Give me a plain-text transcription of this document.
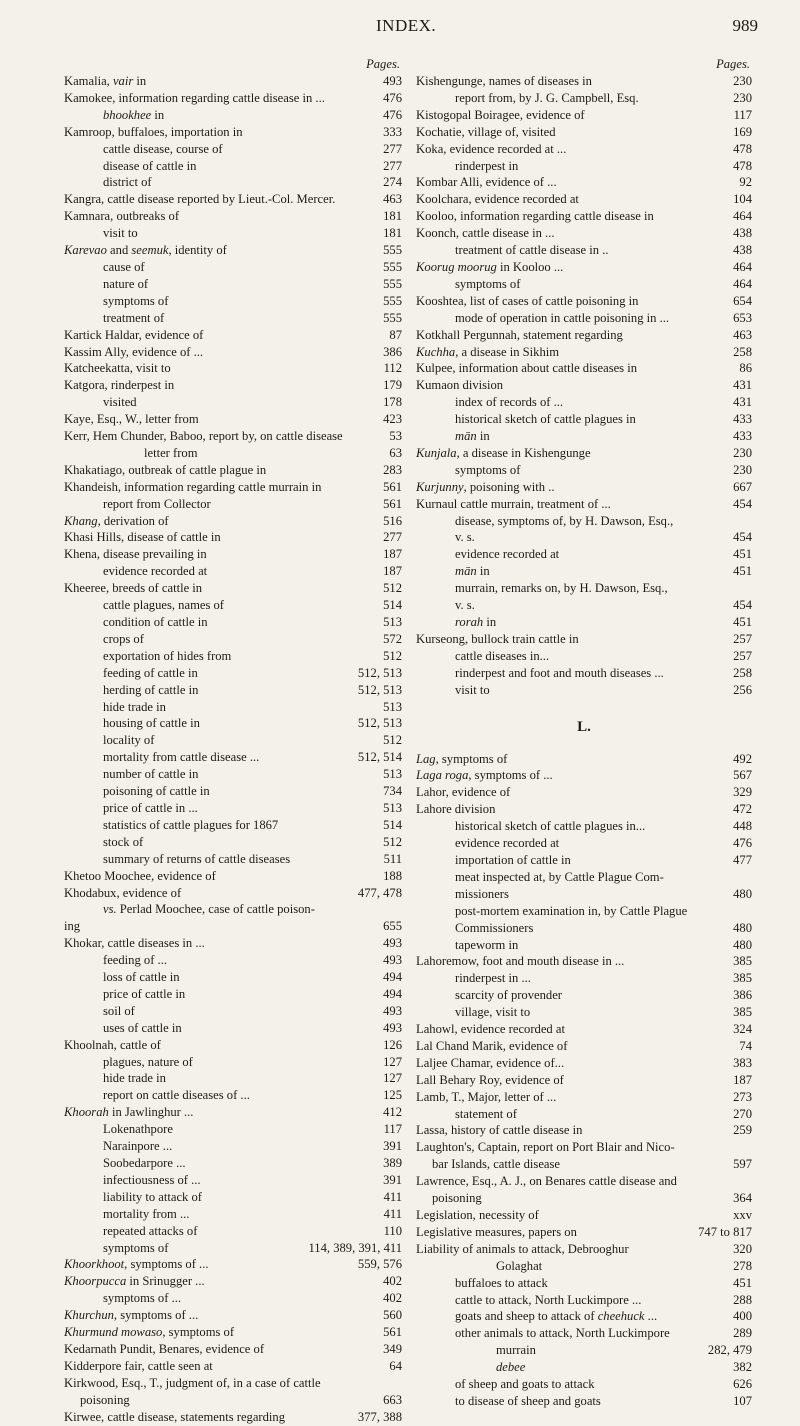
INDEX.	989
Pages.
Kamalia, vair in	493
Kamokee, information regarding cattle disease in ...	476
bhookhee in	476
Kamroop, buffaloes, importation in	333
cattle disease, course of	277
disease of cattle in	277
district of	274
Kangra, cattle disease reported by Lieut.-Col. Mercer.	463
Kamnara, outbreaks of	181
visit to	181
Karevao and seemuk, identity of	555
cause of	555
nature of	555
symptoms of	555
treatment of	555
Kartick Haldar, evidence of	87
Kassim Ally, evidence of ...	386
Katcheekatta, visit to	112
Katgora, rinderpest in	179
visited	178
Kaye, Esq., W., letter from	423
Kerr, Hem Chunder, Baboo, report by, on cattle disease	53
letter from	63
Khakatiago, outbreak of cattle plague in	283
Khandeish, information regarding cattle murrain in	561
report from Collector	561
Khang, derivation of	516
Khasi Hills, disease of cattle in	277
Khena, disease prevailing in	187
evidence recorded at	187
Kheeree, breeds of cattle in	512
cattle plagues, names of	514
condition of cattle in	513
crops of	572
exportation of hides from	512
feeding of cattle in	512, 513
herding of cattle in	512, 513
hide trade in	513
housing of cattle in	512, 513
locality of	512
mortality from cattle disease ...	512, 514
number of cattle in	513
poisoning of cattle in	734
price of cattle in ...	513
statistics of cattle plagues for 1867	514
stock of	512
summary of returns of cattle diseases	511
Khetoo Moochee, evidence of	188
Khodabux, evidence of	477, 478
vs. Perlad Moochee, case of cattle poison-
ing	655
Khokar, cattle diseases in ...	493
feeding of ...	493
loss of cattle in	494
price of cattle in	494
soil of	493
uses of cattle in	493
Khoolnah, cattle of	126
plagues, nature of	127
hide trade in	127
report on cattle diseases of ...	125
Khoorah in Jawlinghur ...	412
Lokenathpore	117
Narainpore ...	391
Soobedarpore ...	389
infectiousness of ...	391
liability to attack of	411
mortality from ...	411
repeated attacks of	110
symptoms of	114, 389, 391, 411
Khoorkhoot, symptoms of ...	559, 576
Khoorpucca in Srinugger ...	402
symptoms of ...	402
Khurchun, symptoms of ...	560
Khurmund mowaso, symptoms of	561
Kedarnath Pundit, Benares, evidence of	349
Kidderpore fair, cattle seen at	64
Kirkwood, Esq., T., judgment of, in a case of cattle
poisoning	663
Kirwee, cattle disease, statements regarding	377, 388
Pages.
Kishengunge, names of diseases in	230
report from, by J. G. Campbell, Esq.	230
Kistogopal Boiragee, evidence of	117
Kochatie, village of, visited	169
Koka, evidence recorded at ...	478
rinderpest in	478
Kombar Alli, evidence of ...	92
Koolchara, evidence recorded at	104
Kooloo, information regarding cattle disease in	464
Koonch, cattle disease in ...	438
treatment of cattle disease in ..	438
Koorug moorug in Kooloo ...	464
symptoms of	464
Kooshtea, list of cases of cattle poisoning in	654
mode of operation in cattle poisoning in ...	653
Kotkhall Pergunnah, statement regarding	463
Kuchha, a disease in Sikhim	258
Kulpee, information about cattle diseases in	86
Kumaon division	431
index of records of ...	431
historical sketch of cattle plagues in	433
mān in	433
Kunjala, a disease in Kishengunge	230
symptoms of	230
Kurjunny, poisoning with ..	667
Kurnaul cattle murrain, treatment of ...	454
disease, symptoms of, by H. Dawson, Esq.,
v. s.	454
evidence recorded at	451
mān in	451
murrain, remarks on, by H. Dawson, Esq.,
v. s.	454
rorah in	451
Kurseong, bullock train cattle in	257
cattle diseases in...	257
rinderpest and foot and mouth diseases ...	258
visit to	256
L.
Lag, symptoms of	492
Laga roga, symptoms of ...	567
Lahor, evidence of	329
Lahore division	472
historical sketch of cattle plagues in...	448
evidence recorded at	476
importation of cattle in	477
meat inspected at, by Cattle Plague Com-
missioners	480
post-mortem examination in, by Cattle Plague
Commissioners	480
tapeworm in	480
Lahoremow, foot and mouth disease in ...	385
rinderpest in ...	385
scarcity of provender	386
village, visit to	385
Lahowl, evidence recorded at	324
Lal Chand Marik, evidence of	74
Laljee Chamar, evidence of...	383
Lall Behary Roy, evidence of	187
Lamb, T., Major, letter of ...	273
statement of	270
Lassa, history of cattle disease in	259
Laughton's, Captain, report on Port Blair and Nico-
bar Islands, cattle disease	597
Lawrence, Esq., A. J., on Benares cattle disease and
poisoning	364
Legislation, necessity of	xxv
Legislative measures, papers on	747 to 817
Liability of animals to attack, Debrooghur	320
Golaghat	278
buffaloes to attack	451
cattle to attack, North Luckimpore ...	288
goats and sheep to attack of cheehuck ...	400
other animals to attack, North Luckimpore	289
murrain	282, 479
debee	382
of sheep and goats to attack	626
to disease of sheep and goats	107
